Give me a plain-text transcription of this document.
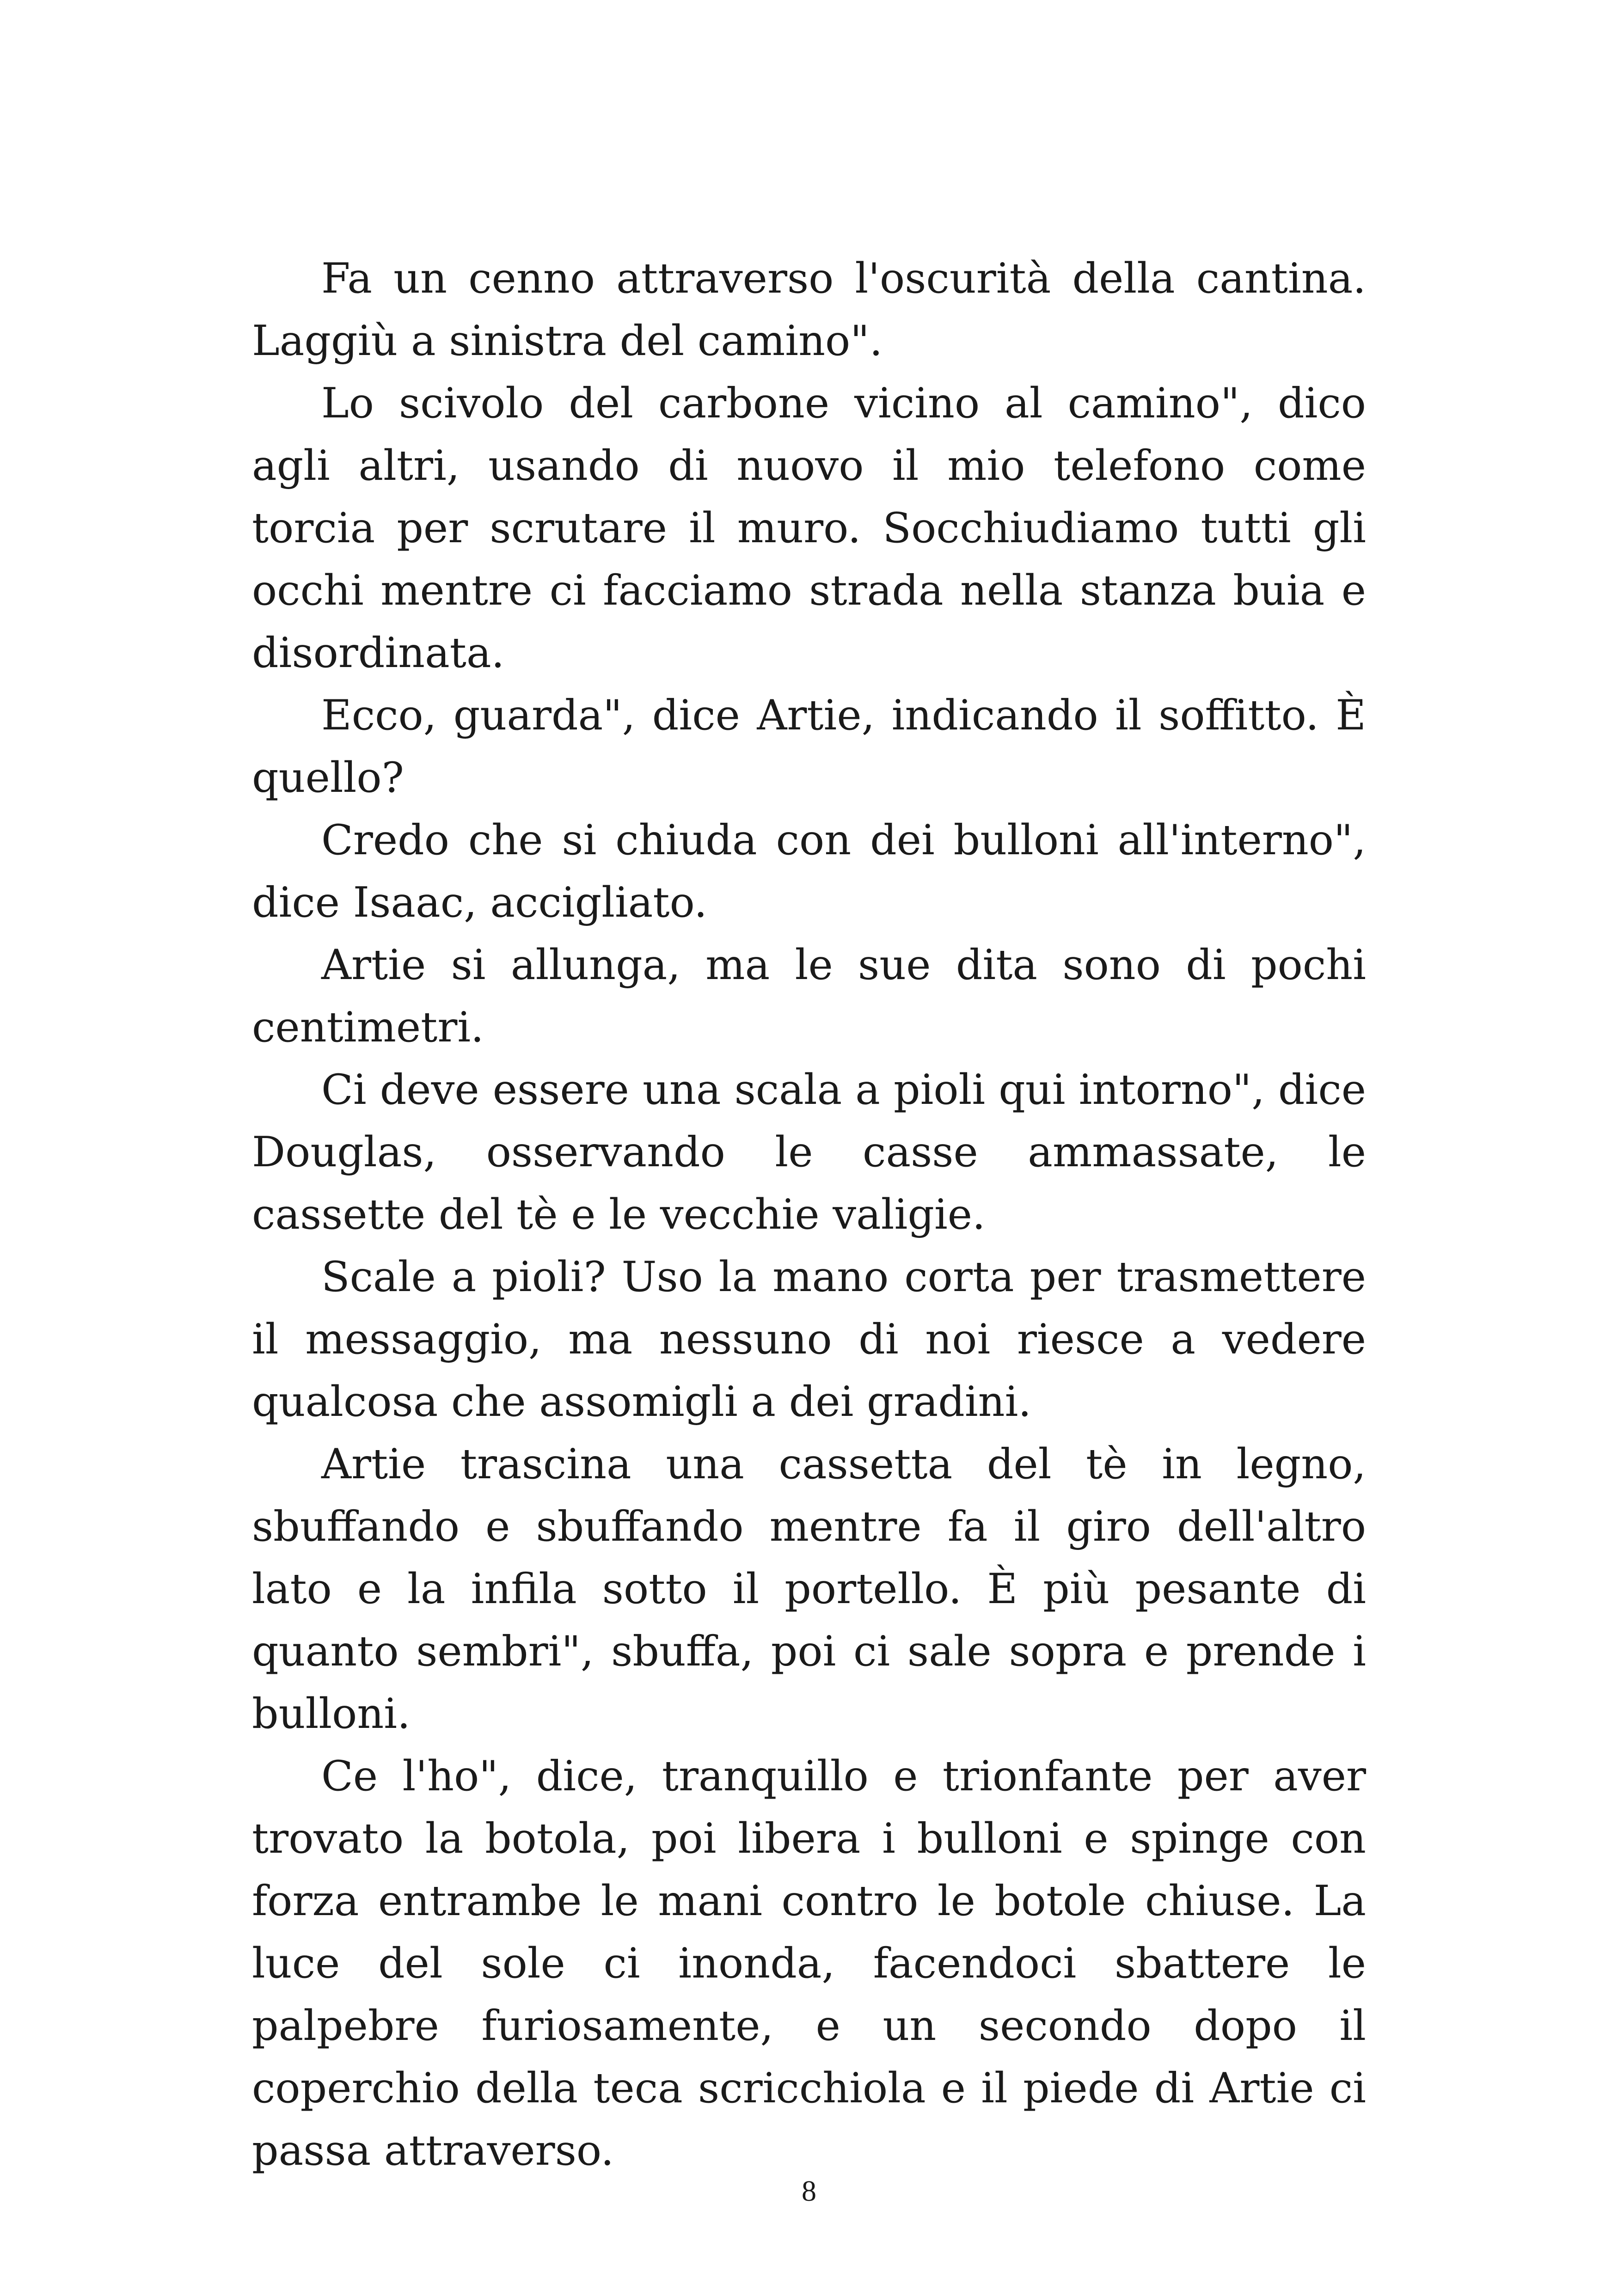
Fa un cenno attraverso l'oscurità della cantina. Laggiù a sinistra del camino".

Lo scivolo del carbone vicino al camino", dico agli altri, usando di nuovo il mio telefono come torcia per scrutare il muro. Socchiudiamo tutti gli occhi mentre ci facciamo strada nella stanza buia e disordinata.

Ecco, guarda", dice Artie, indicando il soffitto. È quello?

Credo che si chiuda con dei bulloni all'interno", dice Isaac, accigliato.

Artie si allunga, ma le sue dita sono di pochi centimetri.

Ci deve essere una scala a pioli qui intorno", dice Douglas, osservando le casse ammassate, le cassette del tè e le vecchie valigie.

Scale a pioli? Uso la mano corta per trasmettere il messaggio, ma nessuno di noi riesce a vedere qualcosa che assomigli a dei gradini.

Artie trascina una cassetta del tè in legno, sbuffando e sbuffando mentre fa il giro dell'altro lato e la infila sotto il portello. È più pesante di quanto sembri", sbuffa, poi ci sale sopra e prende i bulloni.

Ce l'ho", dice, tranquillo e trionfante per aver trovato la botola, poi libera i bulloni e spinge con forza entrambe le mani contro le botole chiuse. La luce del sole ci inonda, facendoci sbattere le palpebre furiosamente, e un secondo dopo il coperchio della teca scricchiola e il piede di Artie ci passa attraverso.

8
